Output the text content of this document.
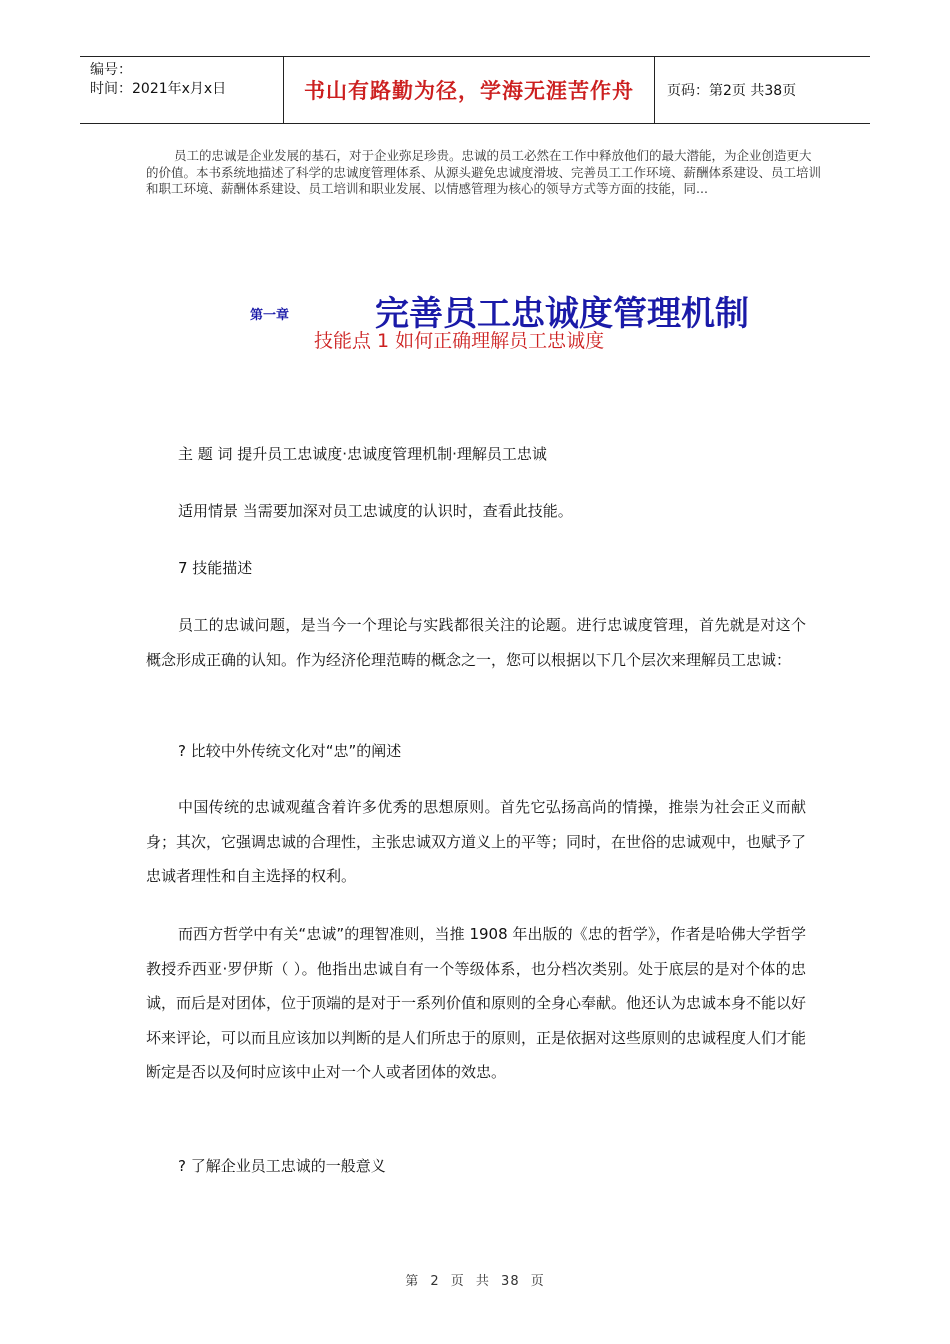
编号：
时间：2021年x月x日	书山有路勤为径，学海无涯苦作舟 页码：第2页 共38页

员工的忠诚是企业发展的基石，对于企业弥足珍贵。忠诚的员工必然在工作中释放他们的最大潜能，为企业创造更大的价值。本书系统地描述了科学的忠诚度管理体系、从源头避免忠诚度滑坡、完善员工工作环境、薪酬体系建设、员工培训和职工环境、薪酬体系建设、员工培训和职业发展、以情感管理为核心的领导方式等方面的技能，同...

第一章	完善员工忠诚度管理机制
技能点 1 如何正确理解员工忠诚度

主 题 词 提升员工忠诚度·忠诚度管理机制·理解员工忠诚

适用情景 当需要加深对员工忠诚度的认识时，查看此技能。

7 技能描述

员工的忠诚问题，是当今一个理论与实践都很关注的论题。进行忠诚度管理，首先就是对这个概念形成正确的认知。作为经济伦理范畴的概念之一，您可以根据以下几个层次来理解员工忠诚：

? 比较中外传统文化对“忠”的阐述

中国传统的忠诚观蕴含着许多优秀的思想原则。首先它弘扬高尚的情操，推崇为社会正义而献身；其次，它强调忠诚的合理性，主张忠诚双方道义上的平等；同时，在世俗的忠诚观中，也赋予了忠诚者理性和自主选择的权利。

而西方哲学中有关“忠诚”的理智准则，当推 1908 年出版的《忠的哲学》，作者是哈佛大学哲学教授乔西亚·罗伊斯（ ）。他指出忠诚自有一个等级体系，也分档次类别。处于底层的是对个体的忠诚，而后是对团体，位于顶端的是对于一系列价值和原则的全身心奉献。他还认为忠诚本身不能以好坏来评论，可以而且应该加以判断的是人们所忠于的原则，正是依据对这些原则的忠诚程度人们才能断定是否以及何时应该中止对一个人或者团体的效忠。

? 了解企业员工忠诚的一般意义

第 2 页 共 38 页
